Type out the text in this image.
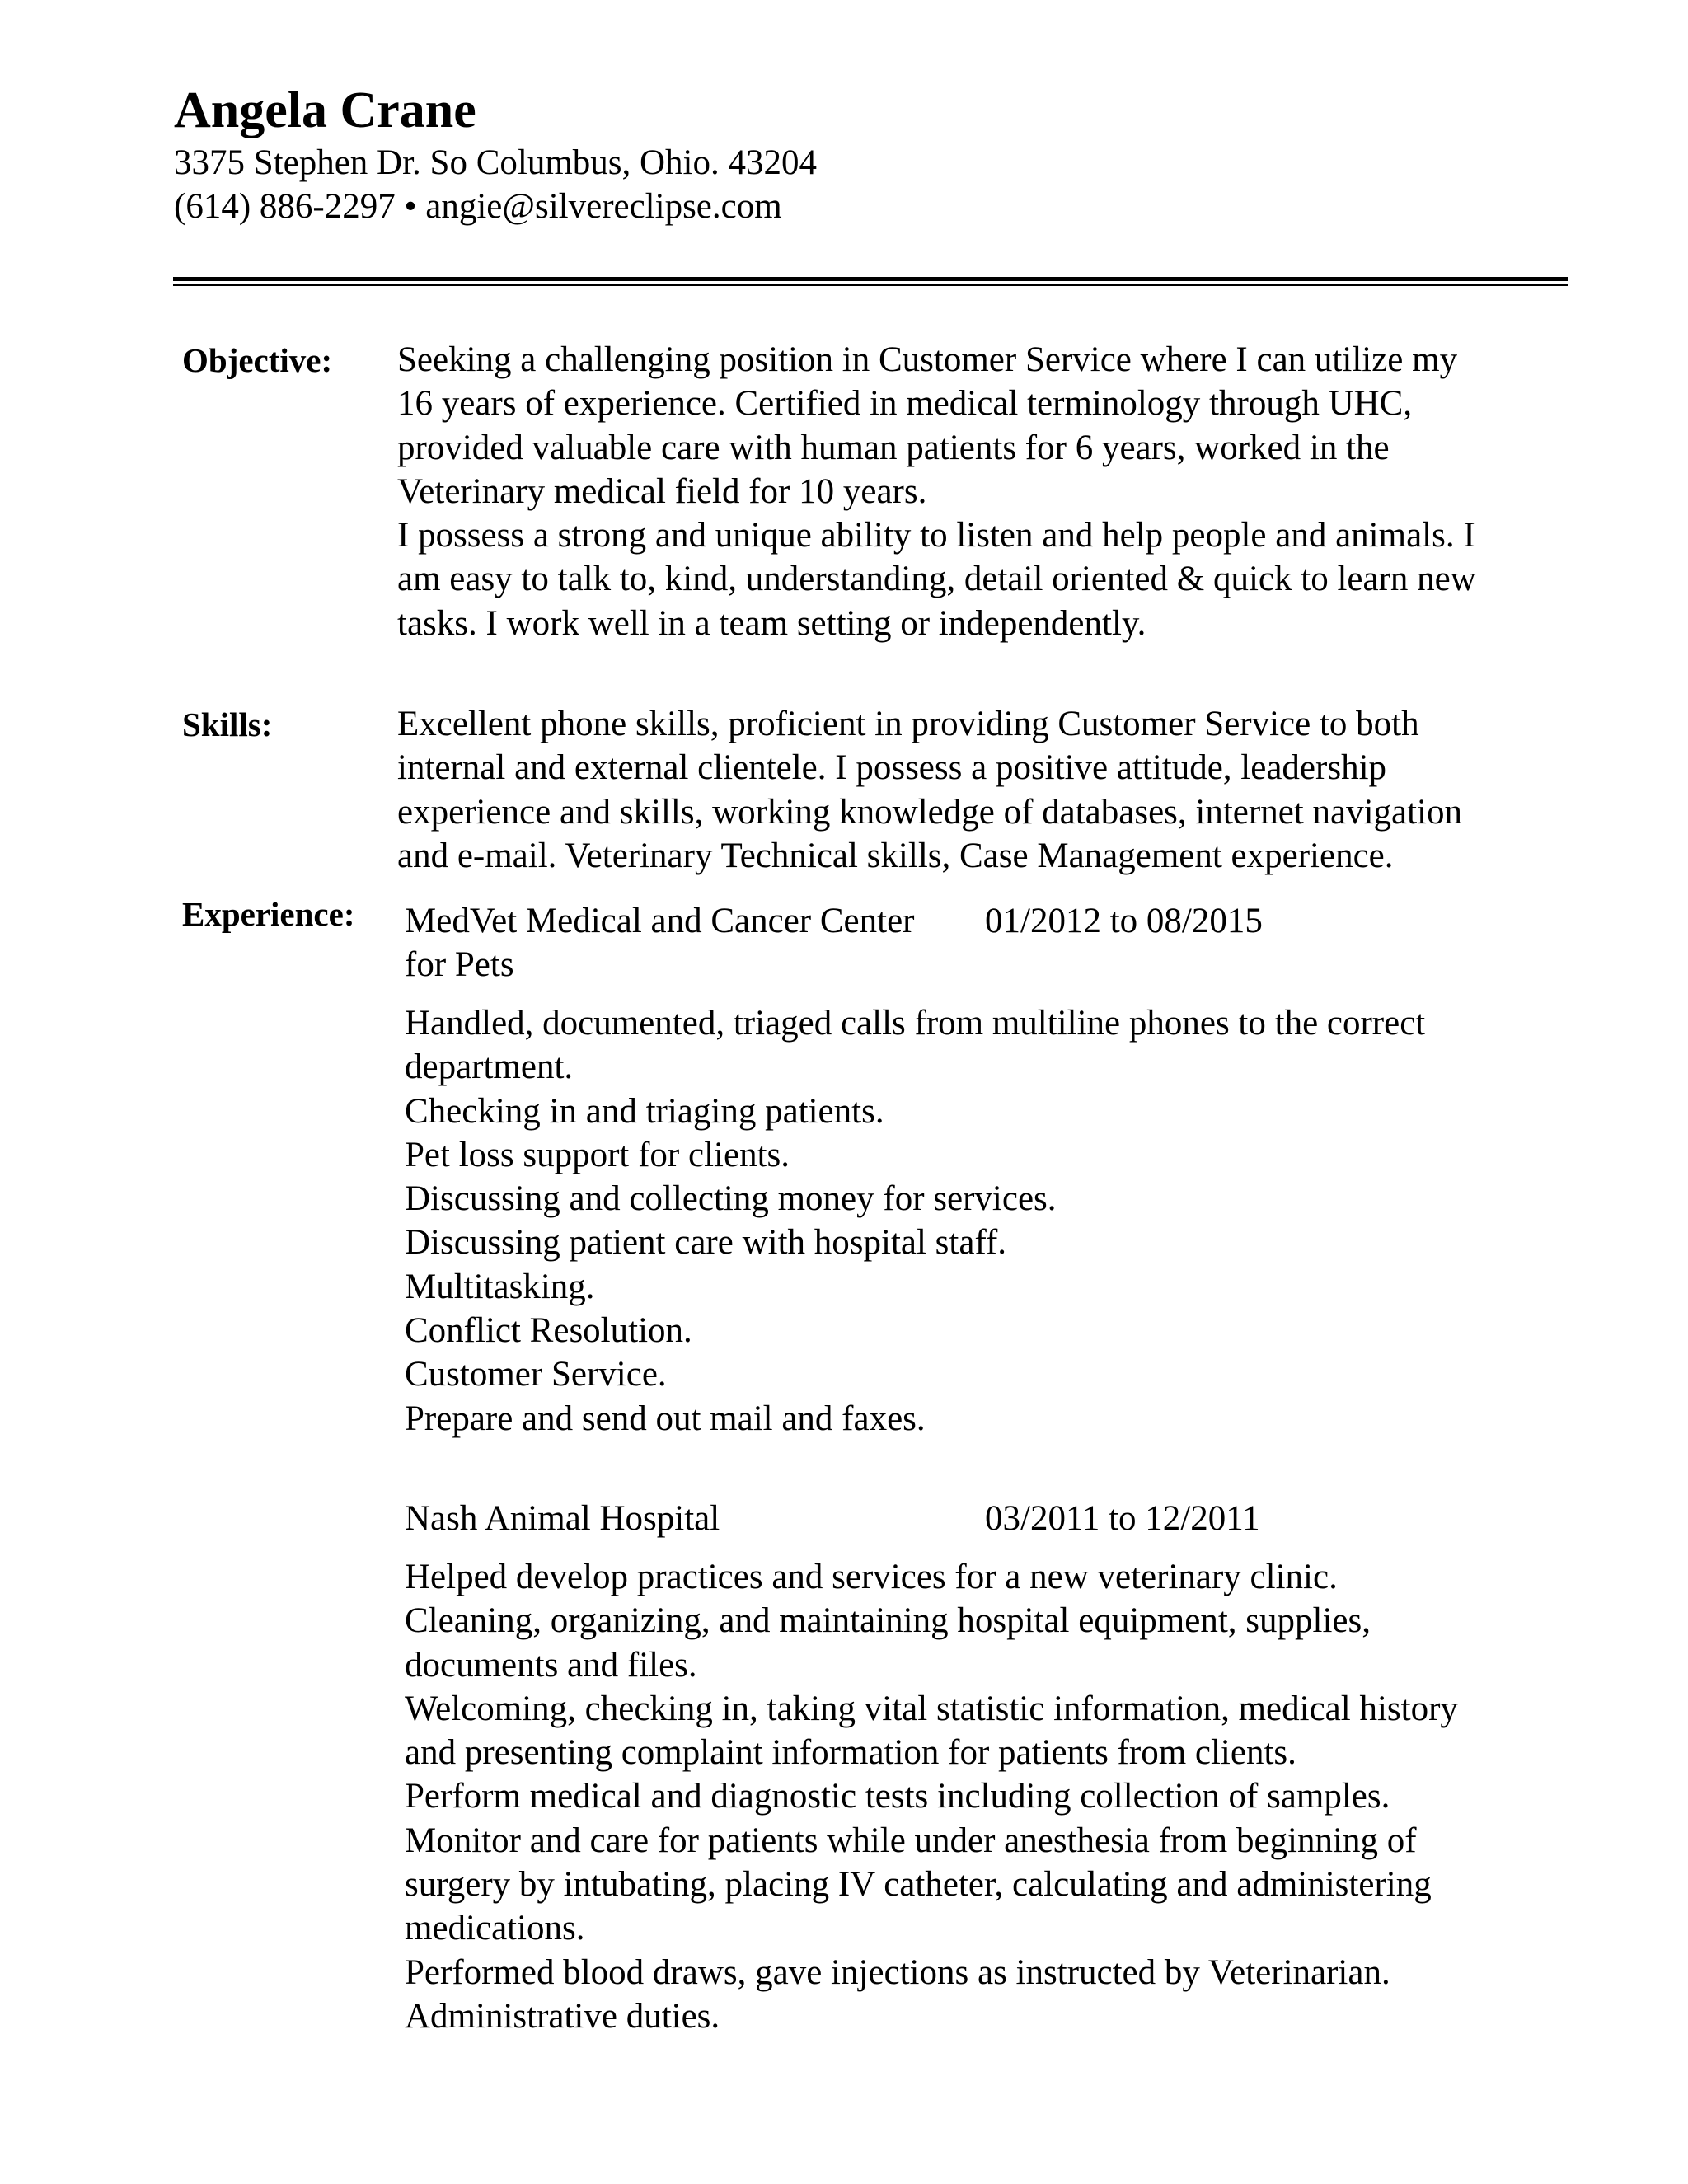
Angela Crane
3375 Stephen Dr. So Columbus, Ohio. 43204
(614) 886-2297 • angie@silvereclipse.com
Objective: Seeking a challenging position in Customer Service where I can utilize my
16 years of experience. Certified in medical terminology through UHC,
provided valuable care with human patients for 6 years, worked in the
Veterinary medical field for 10 years.
I possess a strong and unique ability to listen and help people and animals. I
am easy to talk to, kind, understanding, detail oriented & quick to learn new
tasks. I work well in a team setting or independently.
Skills:	Excellent phone skills, proficient in providing Customer Service to both
internal and external clientele. I possess a positive attitude, leadership
experience and skills, working knowledge of databases, internet navigation
and e-mail. Veterinary Technical skills, Case Management experience.
Experience: MedVet Medical and Cancer Center
for Pets
01/2012 to 08/2015
Handled, documented, triaged calls from multiline phones to the correct
department.
Checking in and triaging patients.
Pet loss support for clients.
Discussing and collecting money for services.
Discussing patient care with hospital staff.
Multitasking.
Conflict Resolution.
Customer Service.
Prepare and send out mail and faxes.
Nash Animal Hospital	03/2011 to 12/2011
Helped develop practices and services for a new veterinary clinic.
Cleaning, organizing, and maintaining hospital equipment, supplies,
documents and files.
Welcoming, checking in, taking vital statistic information, medical history
and presenting complaint information for patients from clients.
Perform medical and diagnostic tests including collection of samples.
Monitor and care for patients while under anesthesia from beginning of
surgery by intubating, placing IV catheter, calculating and administering
medications.
Performed blood draws, gave injections as instructed by Veterinarian.
Administrative duties.
